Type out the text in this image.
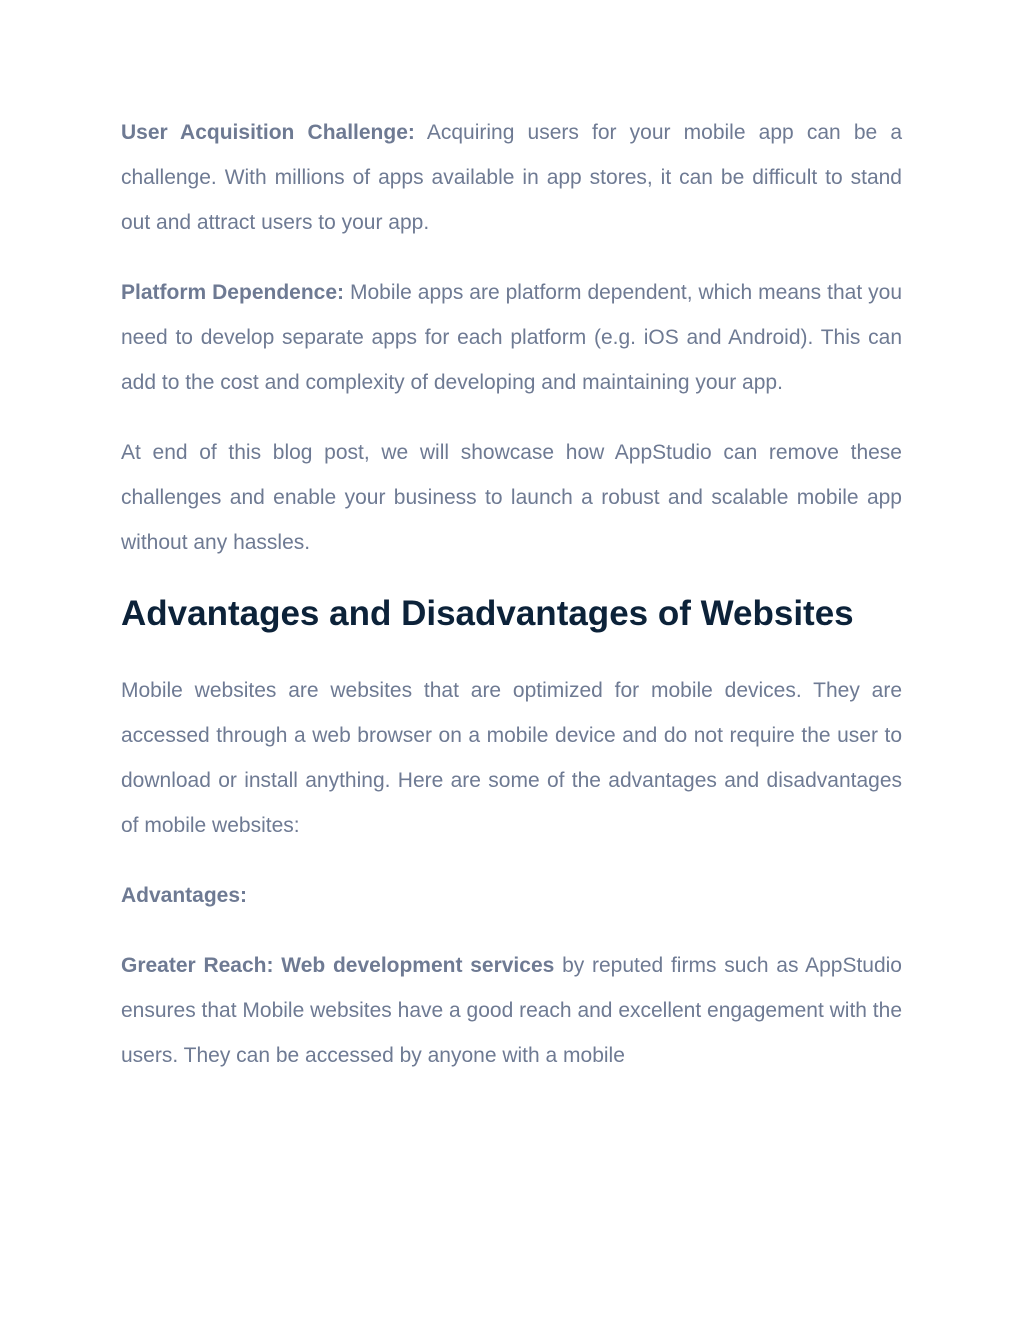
User Acquisition Challenge: Acquiring users for your mobile app can be a challenge. With millions of apps available in app stores, it can be difficult to stand out and attract users to your app.

Platform Dependence: Mobile apps are platform dependent, which means that you need to develop separate apps for each platform (e.g. iOS and Android). This can add to the cost and complexity of developing and maintaining your app.

At end of this blog post, we will showcase how AppStudio can remove these challenges and enable your business to launch a robust and scalable mobile app without any hassles.

Advantages and Disadvantages of Websites

Mobile websites are websites that are optimized for mobile devices. They are accessed through a web browser on a mobile device and do not require the user to download or install anything. Here are some of the advantages and disadvantages of mobile websites:

Advantages:

Greater Reach: Web development services by reputed firms such as AppStudio ensures that Mobile websites have a good reach and excellent engagement with the users. They can be accessed by anyone with a mobile
